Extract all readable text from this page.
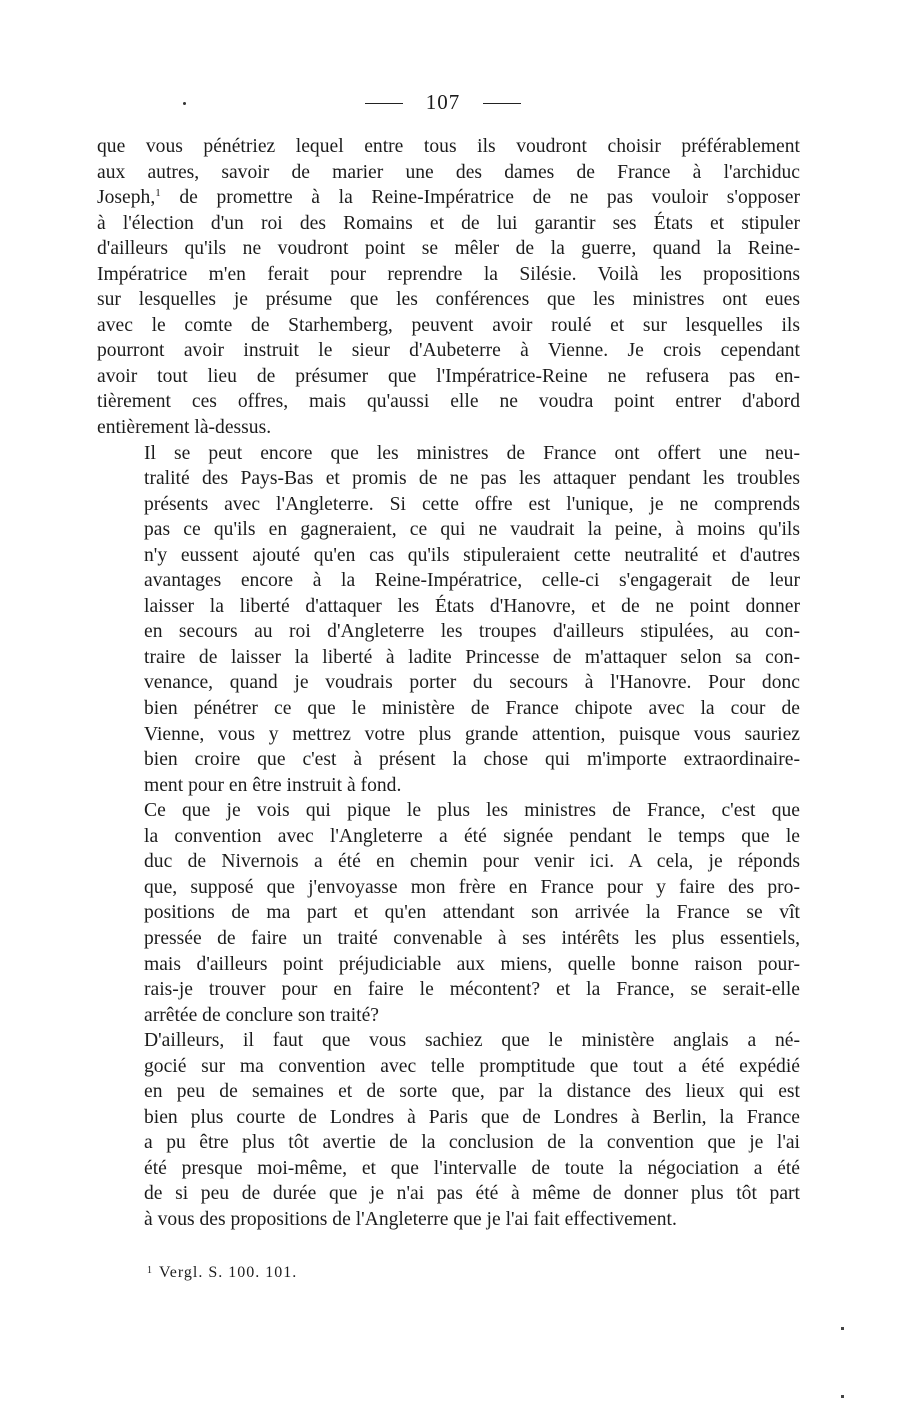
107

que vous pénétriez lequel entre tous ils voudront choisir préférablement
aux autres, savoir de marier une des dames de France à l'archiduc
Joseph,$^1$ de promettre à la Reine-Impératrice de ne pas vouloir s'opposer
à l'élection d'un roi des Romains et de lui garantir ses États et stipuler
d'ailleurs qu'ils ne voudront point se mêler de la guerre, quand la Reine-
Impératrice m'en ferait pour reprendre la Silésie. Voilà les propositions
sur lesquelles je présume que les conférences que les ministres ont eues
avec le comte de Starhemberg, peuvent avoir roulé et sur lesquelles ils
pourront avoir instruit le sieur d'Aubeterre à Vienne. Je crois cependant
avoir tout lieu de présumer que l'Impératrice-Reine ne refusera pas en-
tièrement ces offres, mais qu'aussi elle ne voudra point entrer d'abord
entièrement là-dessus.

Il se peut encore que les ministres de France ont offert une neu-
tralité des Pays-Bas et promis de ne pas les attaquer pendant les troubles
présents avec l'Angleterre. Si cette offre est l'unique, je ne comprends
pas ce qu'ils en gagneraient, ce qui ne vaudrait la peine, à moins qu'ils
n'y eussent ajouté qu'en cas qu'ils stipuleraient cette neutralité et d'autres
avantages encore à la Reine-Impératrice, celle-ci s'engagerait de leur
laisser la liberté d'attaquer les États d'Hanovre, et de ne point donner
en secours au roi d'Angleterre les troupes d'ailleurs stipulées, au con-
traire de laisser la liberté à ladite Princesse de m'attaquer selon sa con-
venance, quand je voudrais porter du secours à l'Hanovre. Pour donc
bien pénétrer ce que le ministère de France chipote avec la cour de
Vienne, vous y mettrez votre plus grande attention, puisque vous sauriez
bien croire que c'est à présent la chose qui m'importe extraordinaire-
ment pour en être instruit à fond.

Ce que je vois qui pique le plus les ministres de France, c'est que
la convention avec l'Angleterre a été signée pendant le temps que le
duc de Nivernois a été en chemin pour venir ici. A cela, je réponds
que, supposé que j'envoyasse mon frère en France pour y faire des pro-
positions de ma part et qu'en attendant son arrivée la France se vît
pressée de faire un traité convenable à ses intérêts les plus essentiels,
mais d'ailleurs point préjudiciable aux miens, quelle bonne raison pour-
rais-je trouver pour en faire le mécontent? et la France, se serait-elle
arrêtée de conclure son traité?

D'ailleurs, il faut que vous sachiez que le ministère anglais a né-
gocié sur ma convention avec telle promptitude que tout a été expédié
en peu de semaines et de sorte que, par la distance des lieux qui est
bien plus courte de Londres à Paris que de Londres à Berlin, la France
a pu être plus tôt avertie de la conclusion de la convention que je l'ai
été presque moi-même, et que l'intervalle de toute la négociation a été
de si peu de durée que je n'ai pas été à même de donner plus tôt part
à vous des propositions de l'Angleterre que je l'ai fait effectivement.

$^1$ Vergl. S. 100. 101.
